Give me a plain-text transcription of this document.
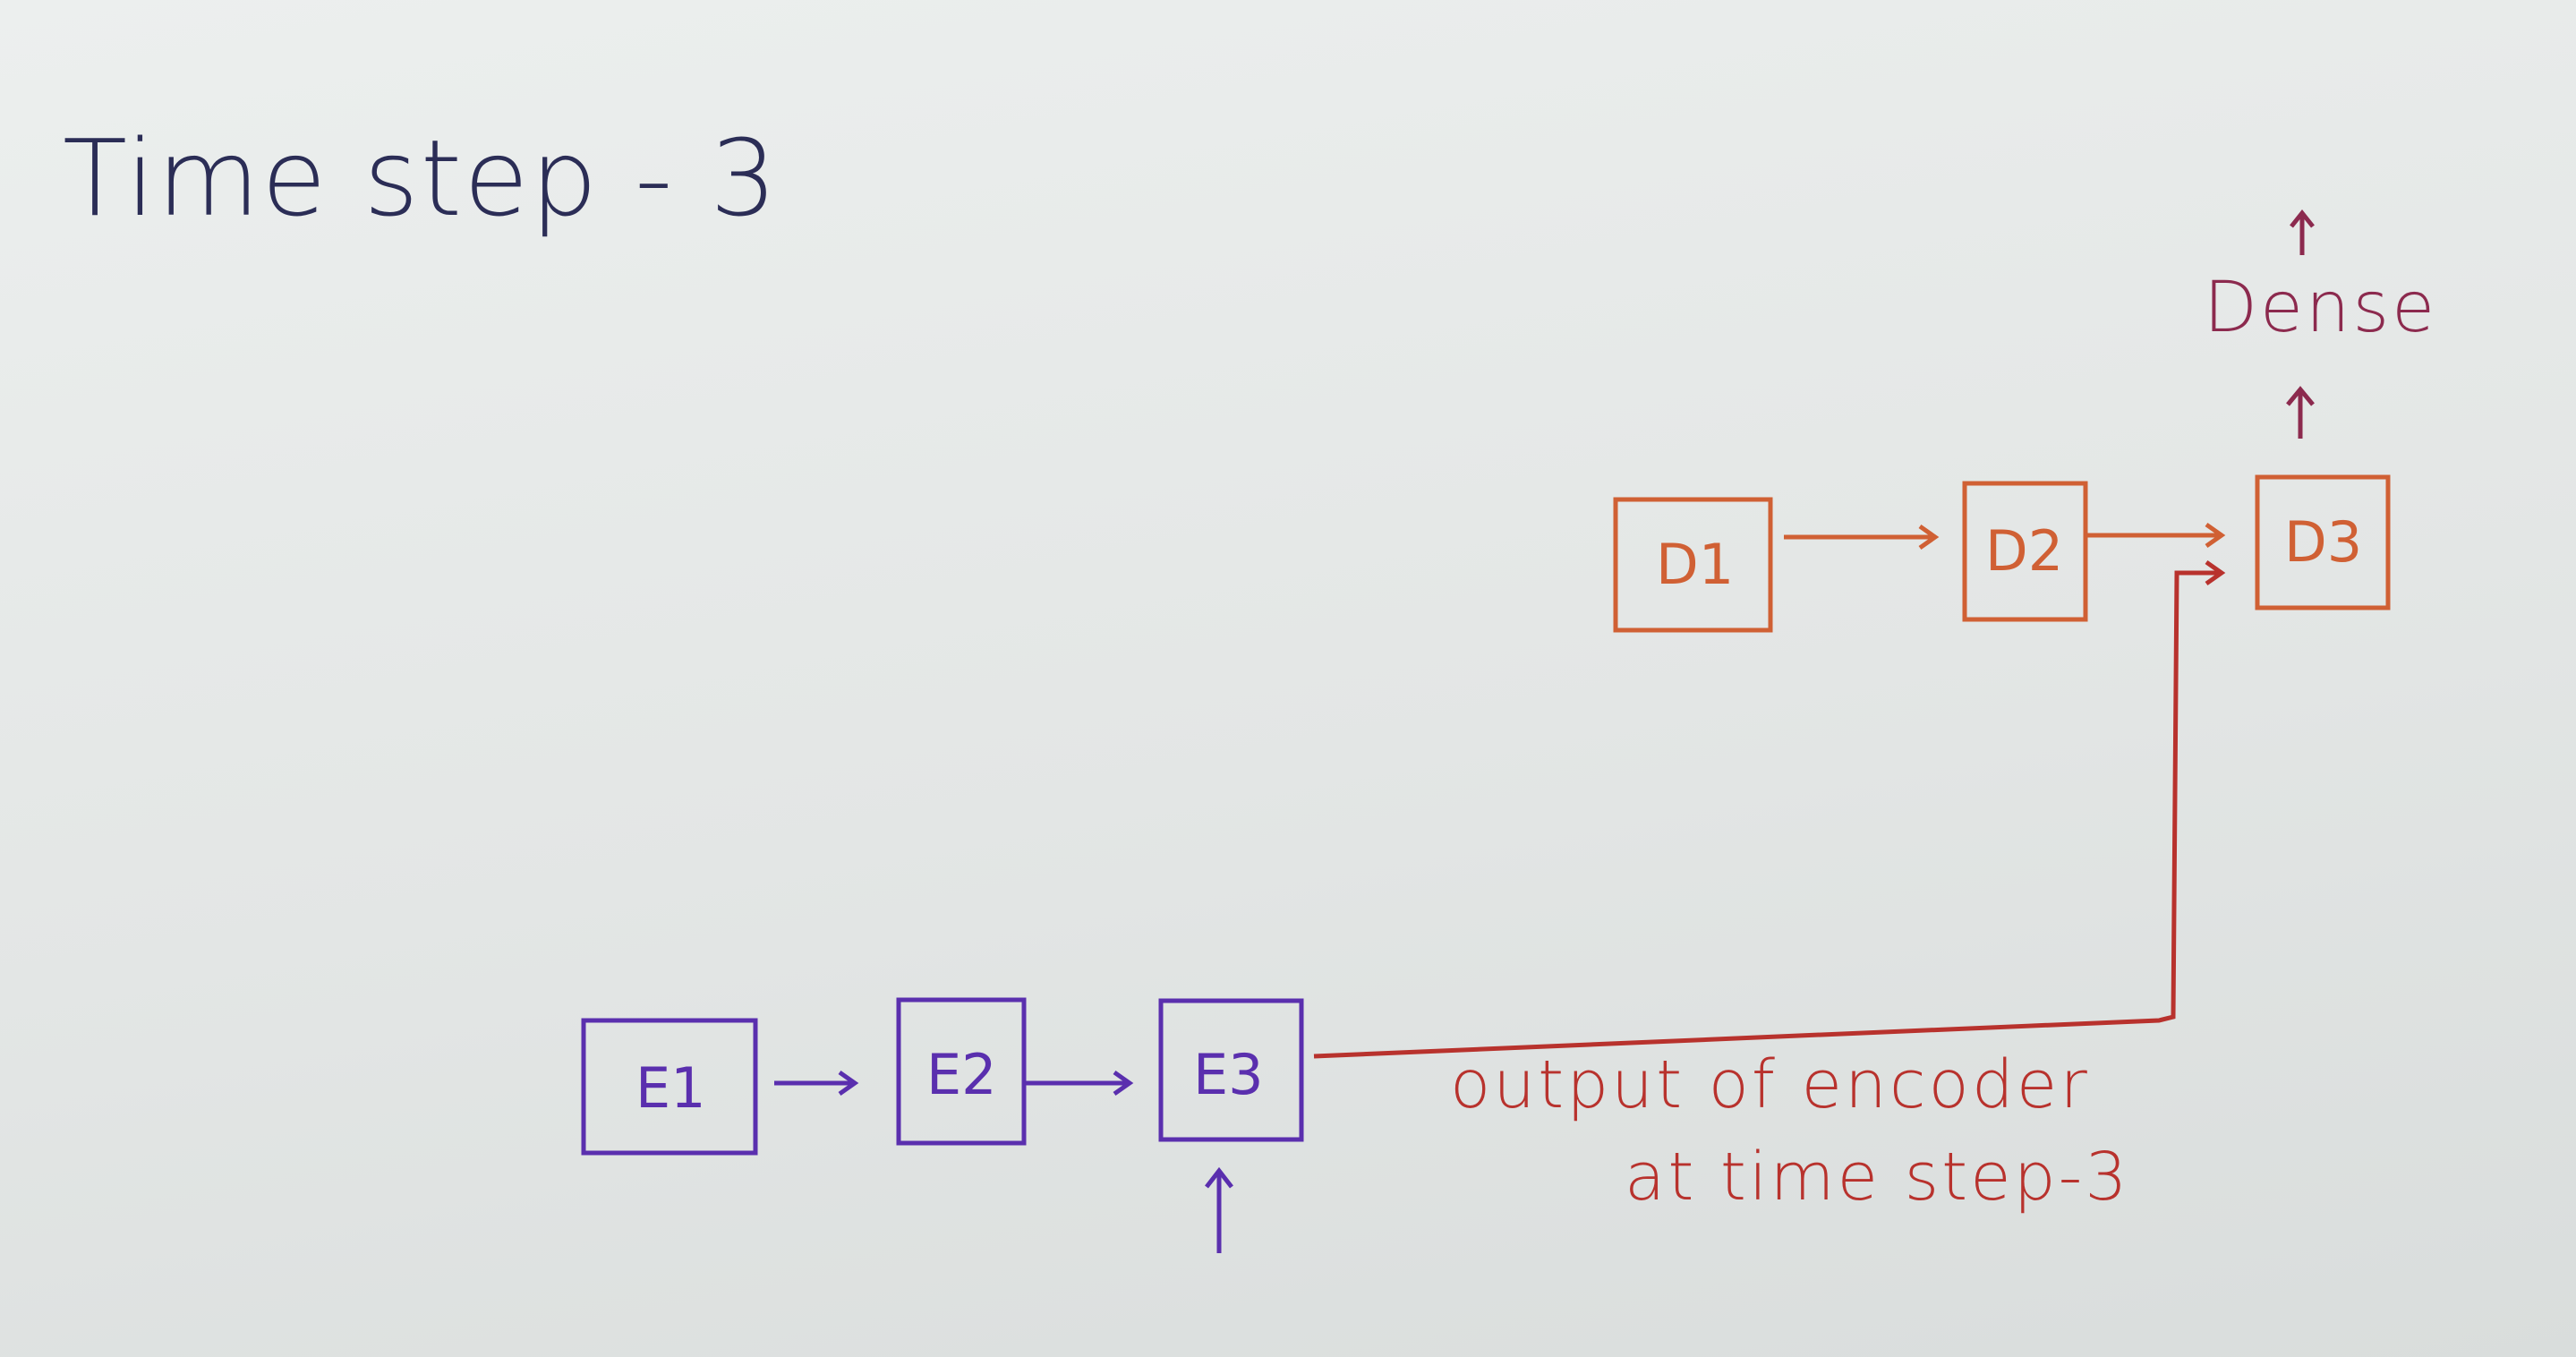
Time step - 3
Dense
E1	E2	E3
D1	D2	D3
output of encoder
at time step-3
